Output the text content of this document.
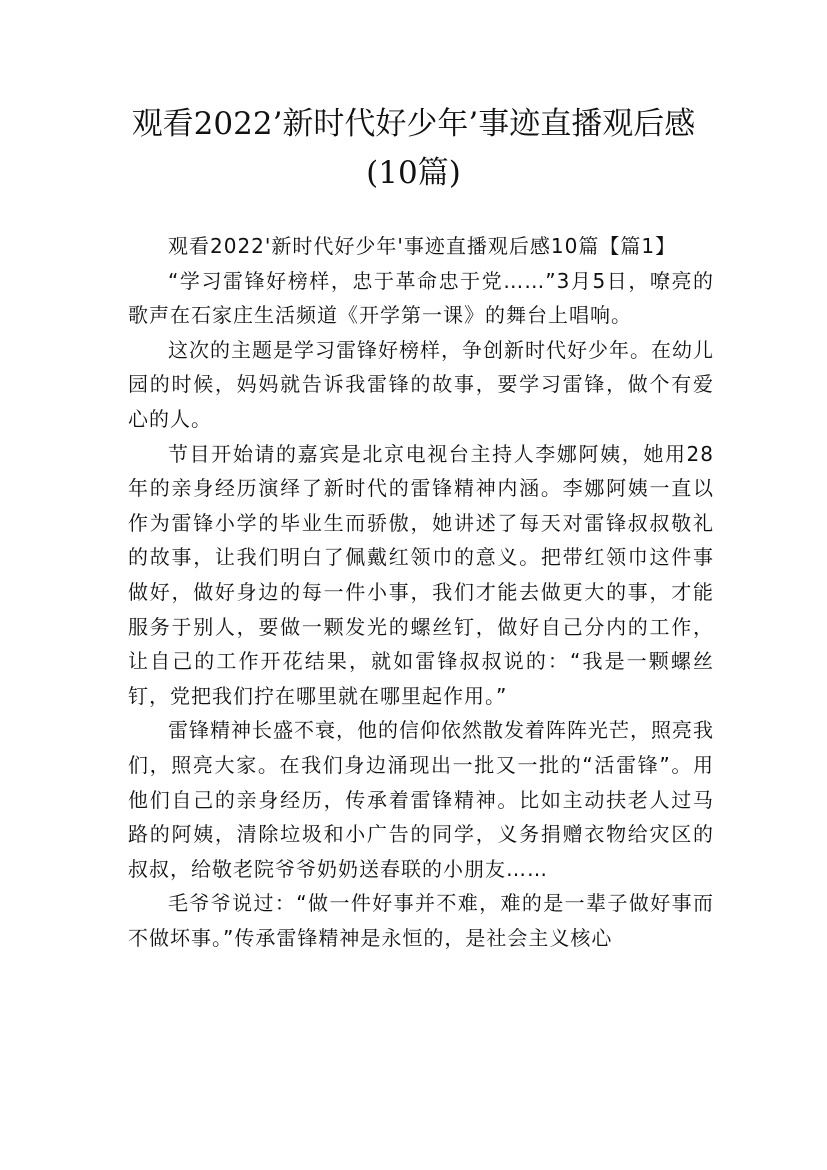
观看2022’新时代好少年’事迹直播观后感
(10篇)

观看2022'新时代好少年'事迹直播观后感10篇【篇1】

“学习雷锋好榜样，忠于革命忠于党……”3月5日，嘹亮的歌声在石家庄生活频道《开学第一课》的舞台上唱响。

这次的主题是学习雷锋好榜样，争创新时代好少年。在幼儿园的时候，妈妈就告诉我雷锋的故事，要学习雷锋，做个有爱心的人。

节目开始请的嘉宾是北京电视台主持人李娜阿姨，她用28年的亲身经历演绎了新时代的雷锋精神内涵。李娜阿姨一直以作为雷锋小学的毕业生而骄傲，她讲述了每天对雷锋叔叔敬礼的故事，让我们明白了佩戴红领巾的意义。把带红领巾这件事做好，做好身边的每一件小事，我们才能去做更大的事，才能服务于别人，要做一颗发光的螺丝钉，做好自己分内的工作，让自己的工作开花结果，就如雷锋叔叔说的：“我是一颗螺丝钉，党把我们拧在哪里就在哪里起作用。”

雷锋精神长盛不衰，他的信仰依然散发着阵阵光芒，照亮我们，照亮大家。在我们身边涌现出一批又一批的“活雷锋”。用他们自己的亲身经历，传承着雷锋精神。比如主动扶老人过马路的阿姨，清除垃圾和小广告的同学，义务捐赠衣物给灾区的叔叔，给敬老院爷爷奶奶送春联的小朋友……

毛爷爷说过：“做一件好事并不难，难的是一辈子做好事而不做坏事。”传承雷锋精神是永恒的，是社会主义核心
